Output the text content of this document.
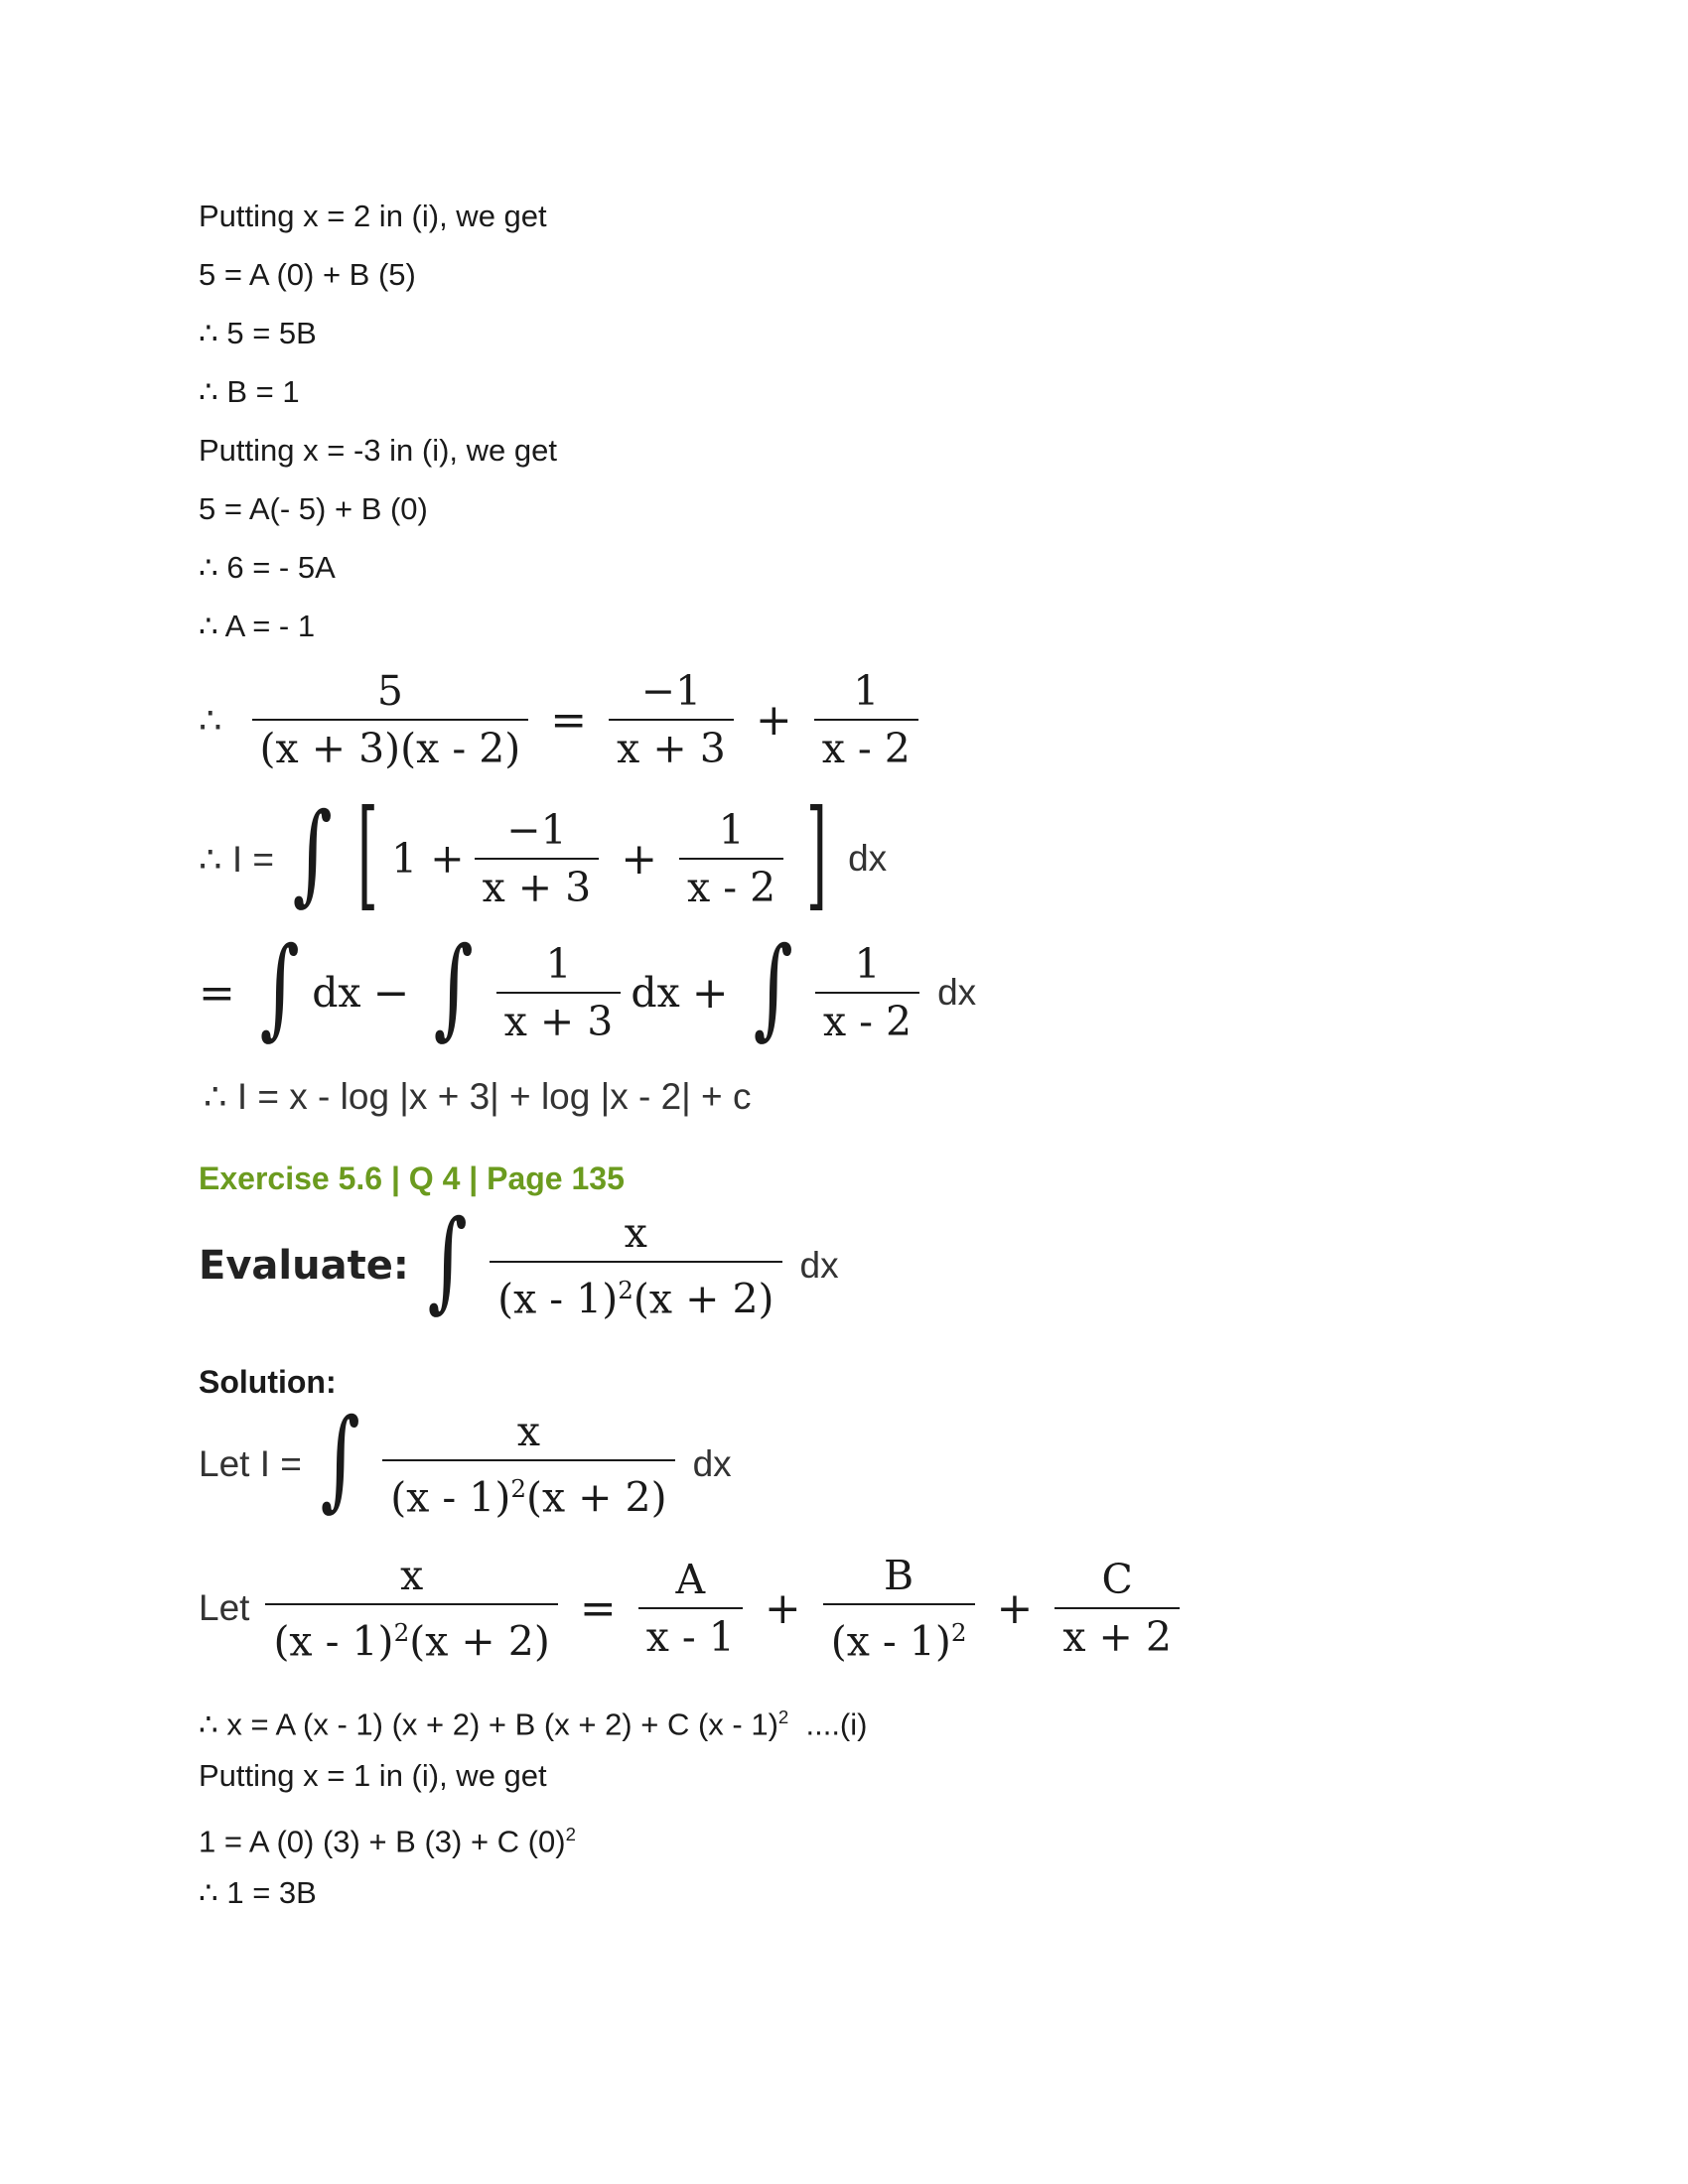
Putting x = 2 in (i), we get
5 = A (0) + B (5)
∴ 5 = 5B
∴ B = 1
Putting x = -3 in (i), we get
5 = A(- 5) + B (0)
∴ 6 = - 5A
∴ A = - 1
∴ $\frac{5}{(x + 3)(x - 2)} = \frac{-1}{x + 3} + \frac{1}{x - 2}$
∴ I = ∫ [ $1 + \frac{-1}{x + 3} + \frac{1}{x - 2}$ ] dx
= ∫ dx − ∫ $\frac{1}{x + 3}$ dx + ∫ $\frac{1}{x - 2}$ dx
∴ I = x - log |x + 3| + log |x - 2| + c
Exercise 5.6 | Q 4 | Page 135
Evaluate: ∫ $\frac{x}{(x - 1)^2(x + 2)}$ dx
Solution:
Let I = ∫ $\frac{x}{(x - 1)^2(x + 2)}$ dx
Let $\frac{x}{(x - 1)^2(x + 2)} = \frac{A}{x - 1} + \frac{B}{(x - 1)^2} + \frac{C}{x + 2}$
∴ x = A (x - 1) (x + 2) + B (x + 2) + C (x - 1)$^2$  ....(i)
Putting x = 1 in (i), we get
1 = A (0) (3) + B (3) + C $(0)^2$
∴ 1 = 3B
